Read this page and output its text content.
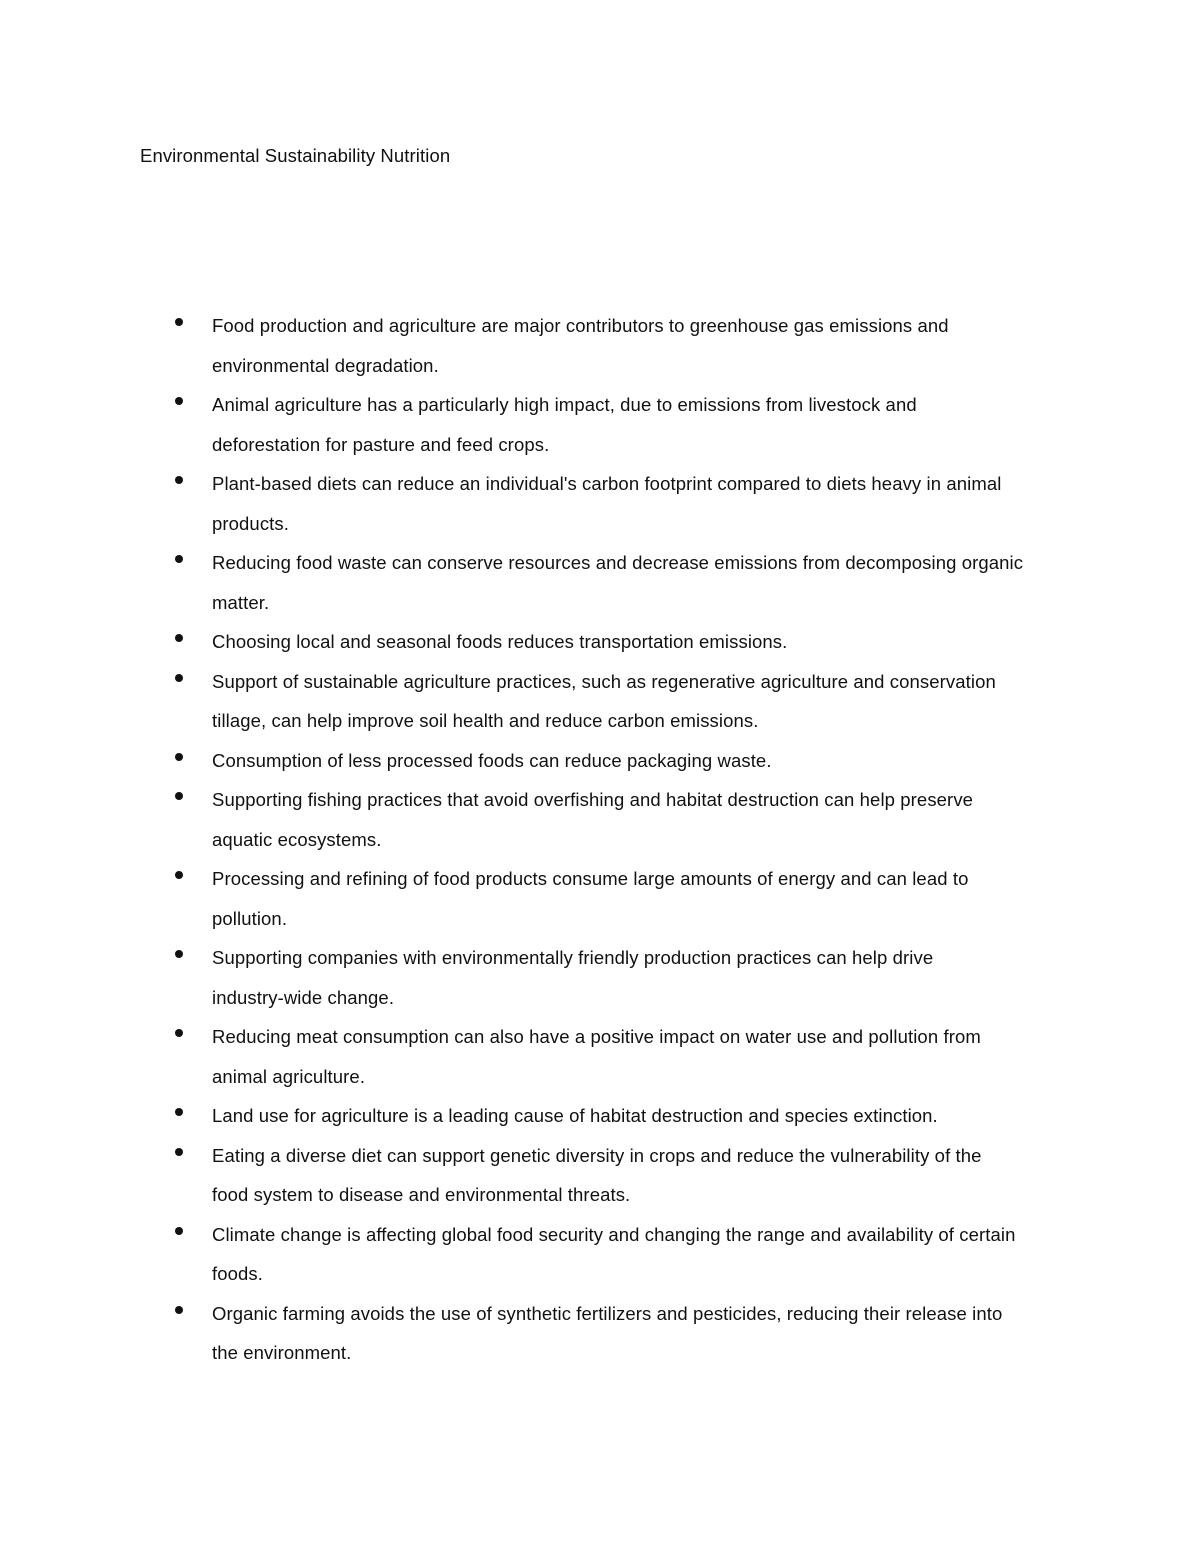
Environmental Sustainability Nutrition
Food production and agriculture are major contributors to greenhouse gas emissions and
environmental degradation.
Animal agriculture has a particularly high impact, due to emissions from livestock and
deforestation for pasture and feed crops.
Plant-based diets can reduce an individual's carbon footprint compared to diets heavy in animal
products.
Reducing food waste can conserve resources and decrease emissions from decomposing organic
matter.
Choosing local and seasonal foods reduces transportation emissions.
Support of sustainable agriculture practices, such as regenerative agriculture and conservation
tillage, can help improve soil health and reduce carbon emissions.
Consumption of less processed foods can reduce packaging waste.
Supporting fishing practices that avoid overfishing and habitat destruction can help preserve
aquatic ecosystems.
Processing and refining of food products consume large amounts of energy and can lead to
pollution.
Supporting companies with environmentally friendly production practices can help drive
industry-wide change.
Reducing meat consumption can also have a positive impact on water use and pollution from
animal agriculture.
Land use for agriculture is a leading cause of habitat destruction and species extinction.
Eating a diverse diet can support genetic diversity in crops and reduce the vulnerability of the
food system to disease and environmental threats.
Climate change is affecting global food security and changing the range and availability of certain
foods.
Organic farming avoids the use of synthetic fertilizers and pesticides, reducing their release into
the environment.
